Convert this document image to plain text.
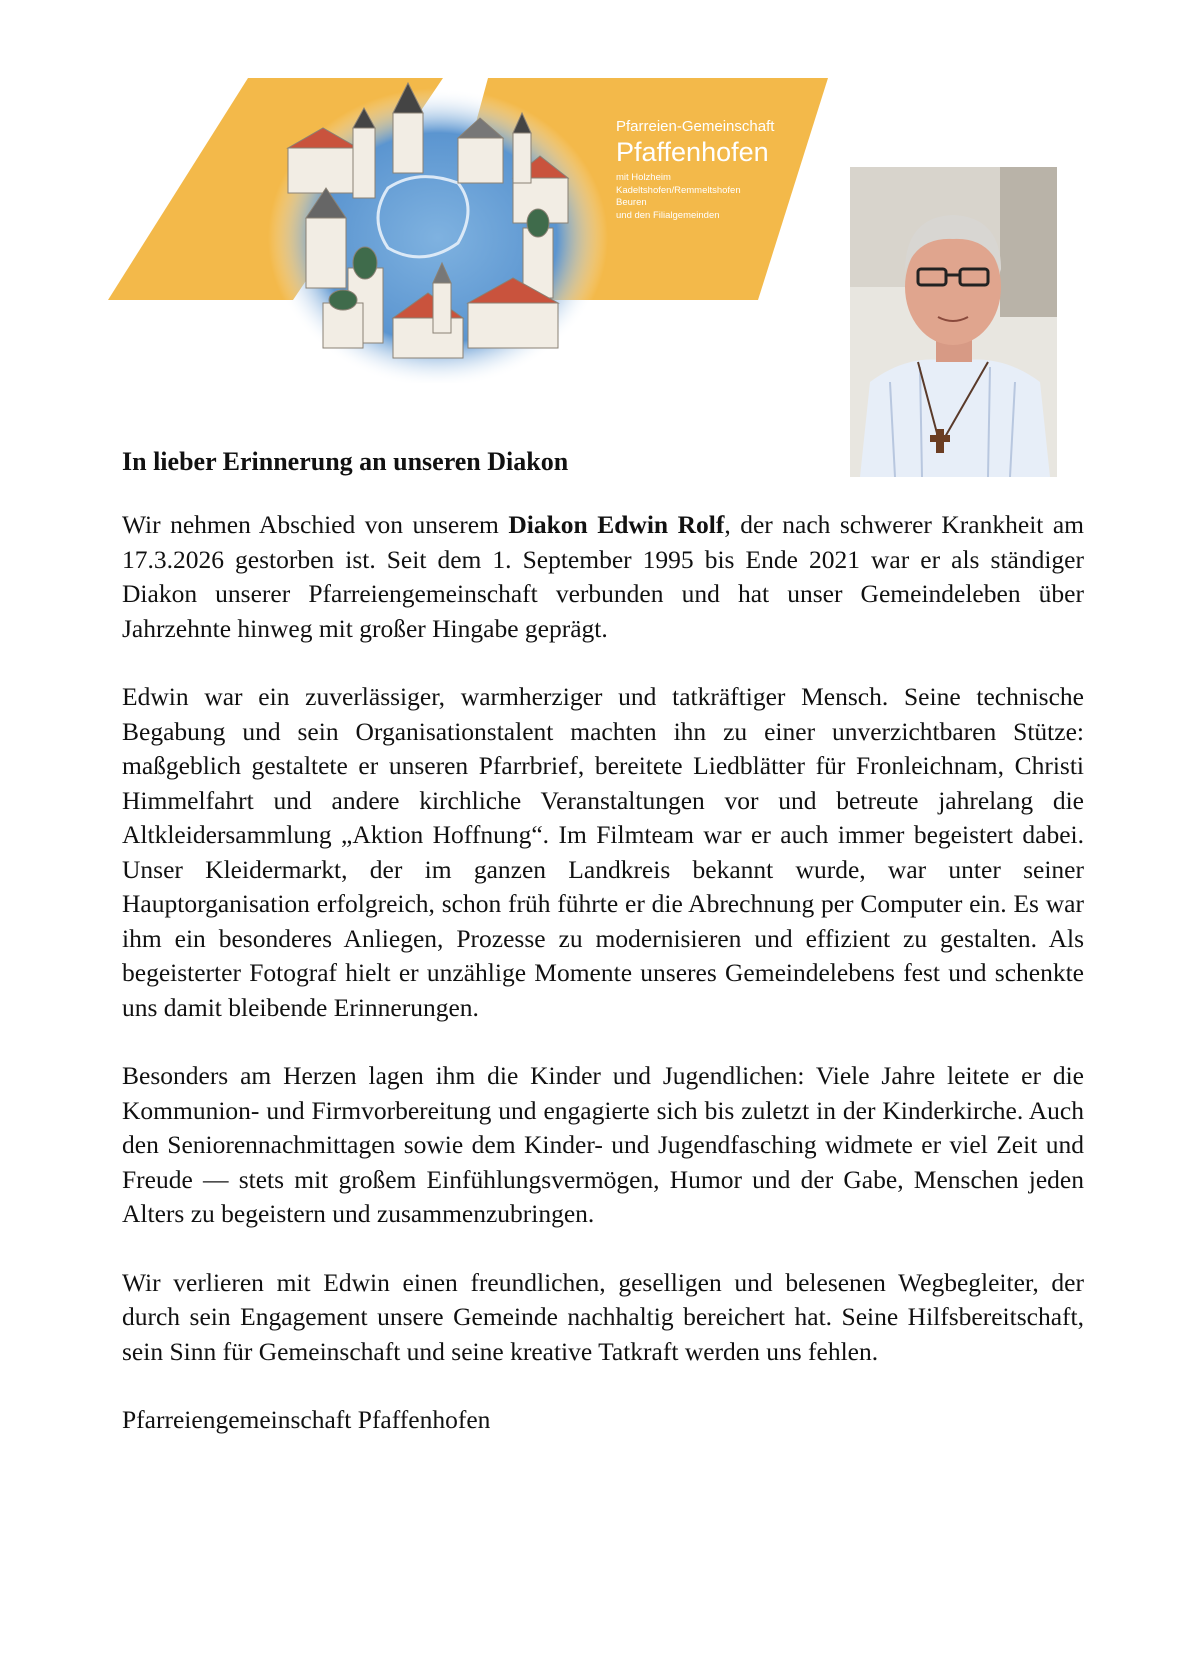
Pfarreien-Gemeinschaft
Pfaffenhofen
mit Holzheim
Kadeltshofen/Remmeltshofen
Beuren
und den Filialgemeinden
In lieber Erinnerung an unseren Diakon

Wir nehmen Abschied von unserem Diakon Edwin Rolf, der nach schwerer Krankheit am 17.3.2026 gestorben ist. Seit dem 1. September 1995 bis Ende 2021 war er als ständiger Diakon unserer Pfarreiengemeinschaft verbunden und hat unser Gemeindeleben über Jahrzehnte hinweg mit großer Hingabe geprägt.

Edwin war ein zuverlässiger, warmherziger und tatkräftiger Mensch. Seine technische Begabung und sein Organisationstalent machten ihn zu einer unverzichtbaren Stütze: maßgeblich gestaltete er unseren Pfarrbrief, bereitete Liedblätter für Fronleichnam, Christi Himmelfahrt und andere kirchliche Veranstaltungen vor und betreute jahrelang die Altkleidersammlung „Aktion Hoffnung“. Im Filmteam war er auch immer begeistert dabei. Unser Kleidermarkt, der im ganzen Landkreis bekannt wurde, war unter seiner Hauptorganisation erfolgreich, schon früh führte er die Abrechnung per Computer ein. Es war ihm ein besonderes Anliegen, Prozesse zu modernisieren und effizient zu gestalten. Als begeisterter Fotograf hielt er unzählige Momente unseres Gemeindelebens fest und schenkte uns damit bleibende Erinnerungen.

Besonders am Herzen lagen ihm die Kinder und Jugendlichen: Viele Jahre leitete er die Kommunion- und Firmvorbereitung und engagierte sich bis zuletzt in der Kinderkirche. Auch den Seniorennachmittagen sowie dem Kinder- und Jugendfasching widmete er viel Zeit und Freude — stets mit großem Einfühlungsvermögen, Humor und der Gabe, Menschen jeden Alters zu begeistern und zusammenzubringen.

Wir verlieren mit Edwin einen freundlichen, geselligen und belesenen Wegbegleiter, der durch sein Engagement unsere Gemeinde nachhaltig bereichert hat. Seine Hilfsbereitschaft, sein Sinn für Gemeinschaft und seine kreative Tatkraft werden uns fehlen.

Pfarreiengemeinschaft Pfaffenhofen
